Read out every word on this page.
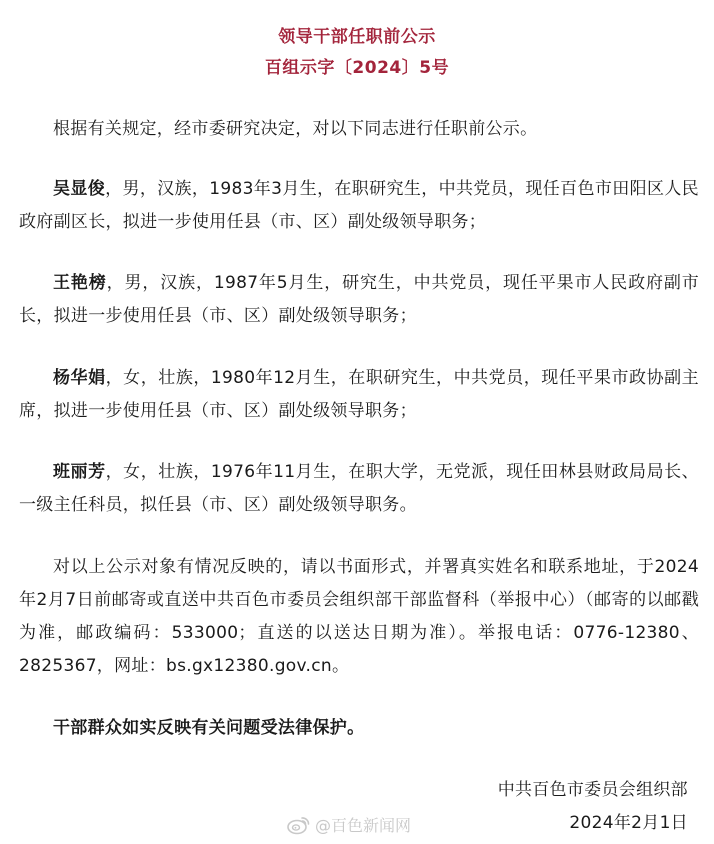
领导干部任职前公示
百组示字〔2024〕5号
根据有关规定，经市委研究决定，对以下同志进行任职前公示。
吴显俊，男，汉族，1983年3月生，在职研究生，中共党员，现任百色市田阳区人民政府副区长，拟进一步使用任县（市、区）副处级领导职务；
王艳榜，男，汉族，1987年5月生，研究生，中共党员，现任平果市人民政府副市长，拟进一步使用任县（市、区）副处级领导职务；
杨华娟，女，壮族，1980年12月生，在职研究生，中共党员，现任平果市政协副主席，拟进一步使用任县（市、区）副处级领导职务；
班丽芳，女，壮族，1976年11月生，在职大学，无党派，现任田林县财政局局长、一级主任科员，拟任县（市、区）副处级领导职务。
对以上公示对象有情况反映的，请以书面形式，并署真实姓名和联系地址，于2024年2月7日前邮寄或直送中共百色市委员会组织部干部监督科（举报中心）（邮寄的以邮戳为准，邮政编码：533000；直送的以送达日期为准）。举报电话：0776-12380、2825367，网址：bs.gx12380.gov.cn。
干部群众如实反映有关问题受法律保护。
中共百色市委员会组织部
2024年2月1日
@百色新闻网
